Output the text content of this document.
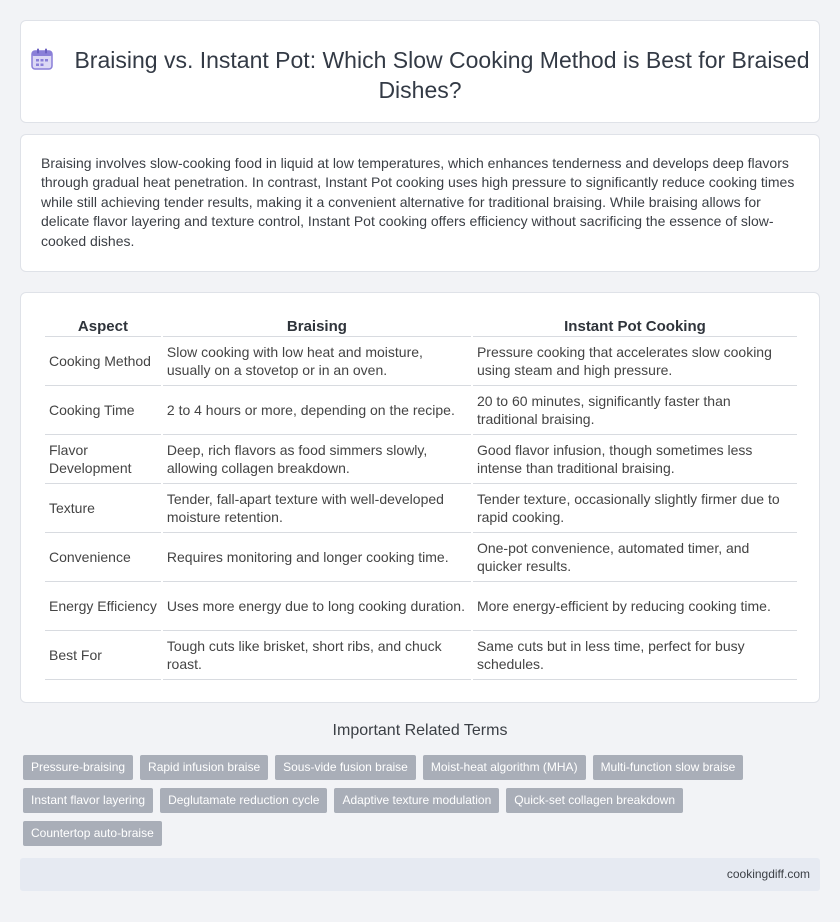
Braising vs. Instant Pot: Which Slow Cooking Method is Best for Braised Dishes?

Braising involves slow-cooking food in liquid at low temperatures, which enhances tenderness and develops deep flavors through gradual heat penetration. In contrast, Instant Pot cooking uses high pressure to significantly reduce cooking times while still achieving tender results, making it a convenient alternative for traditional braising. While braising allows for delicate flavor layering and texture control, Instant Pot cooking offers efficiency without sacrificing the essence of slow-cooked dishes.

Aspect	Braising	Instant Pot Cooking
Cooking Method	Slow cooking with low heat and moisture, usually on a stovetop or in an oven.	Pressure cooking that accelerates slow cooking using steam and high pressure.
Cooking Time	2 to 4 hours or more, depending on the recipe.	20 to 60 minutes, significantly faster than traditional braising.
Flavor Development	Deep, rich flavors as food simmers slowly, allowing collagen breakdown.	Good flavor infusion, though sometimes less intense than traditional braising.
Texture	Tender, fall-apart texture with well-developed moisture retention.	Tender texture, occasionally slightly firmer due to rapid cooking.
Convenience	Requires monitoring and longer cooking time.	One-pot convenience, automated timer, and quicker results.
Energy Efficiency	Uses more energy due to long cooking duration.	More energy-efficient by reducing cooking time.
Best For	Tough cuts like brisket, short ribs, and chuck roast.	Same cuts but in less time, perfect for busy schedules.
Important Related Terms
Pressure-braising	Rapid infusion braise	Sous-vide fusion braise	Moist-heat algorithm (MHA)	Multi-function slow braise
Instant flavor layering	Deglutamate reduction cycle	Adaptive texture modulation	Quick-set collagen breakdown
Countertop auto-braise
cookingdiff.com
